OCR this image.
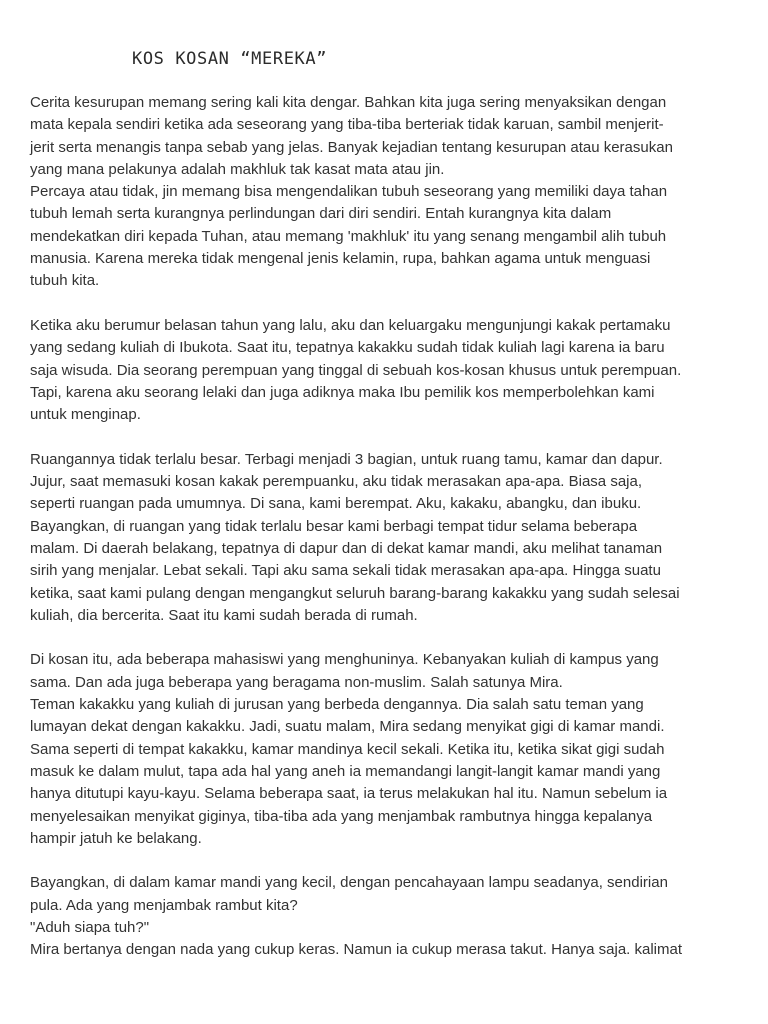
KOS KOSAN “MEREKA”
Cerita kesurupan memang sering kali kita dengar. Bahkan kita juga sering menyaksikan dengan
mata kepala sendiri ketika ada seseorang yang tiba-tiba berteriak tidak karuan, sambil menjerit-
jerit serta menangis tanpa sebab yang jelas. Banyak kejadian tentang kesurupan atau kerasukan
yang mana pelakunya adalah makhluk tak kasat mata atau jin.
Percaya atau tidak, jin memang bisa mengendalikan tubuh seseorang yang memiliki daya tahan
tubuh lemah serta kurangnya perlindungan dari diri sendiri. Entah kurangnya kita dalam
mendekatkan diri kepada Tuhan, atau memang 'makhluk' itu yang senang mengambil alih tubuh
manusia. Karena mereka tidak mengenal jenis kelamin, rupa, bahkan agama untuk menguasi
tubuh kita.
Ketika aku berumur belasan tahun yang lalu, aku dan keluargaku mengunjungi kakak pertamaku
yang sedang kuliah di Ibukota. Saat itu, tepatnya kakakku sudah tidak kuliah lagi karena ia baru
saja wisuda. Dia seorang perempuan yang tinggal di sebuah kos-kosan khusus untuk perempuan.
Tapi, karena aku seorang lelaki dan juga adiknya maka Ibu pemilik kos memperbolehkan kami
untuk menginap.
Ruangannya tidak terlalu besar. Terbagi menjadi 3 bagian, untuk ruang tamu, kamar dan dapur.
Jujur, saat memasuki kosan kakak perempuanku, aku tidak merasakan apa-apa. Biasa saja,
seperti ruangan pada umumnya. Di sana, kami berempat. Aku, kakaku, abangku, dan ibuku.
Bayangkan, di ruangan yang tidak terlalu besar kami berbagi tempat tidur selama beberapa
malam. Di daerah belakang, tepatnya di dapur dan di dekat kamar mandi, aku melihat tanaman
sirih yang menjalar. Lebat sekali. Tapi aku sama sekali tidak merasakan apa-apa. Hingga suatu
ketika, saat kami pulang dengan mengangkut seluruh barang-barang kakakku yang sudah selesai
kuliah, dia bercerita. Saat itu kami sudah berada di rumah.
Di kosan itu, ada beberapa mahasiswi yang menghuninya. Kebanyakan kuliah di kampus yang
sama. Dan ada juga beberapa yang beragama non-muslim. Salah satunya Mira.
Teman kakakku yang kuliah di jurusan yang berbeda dengannya. Dia salah satu teman yang
lumayan dekat dengan kakakku. Jadi, suatu malam, Mira sedang menyikat gigi di kamar mandi.
Sama seperti di tempat kakakku, kamar mandinya kecil sekali. Ketika itu, ketika sikat gigi sudah
masuk ke dalam mulut, tapa ada hal yang aneh ia memandangi langit-langit kamar mandi yang
hanya ditutupi kayu-kayu. Selama beberapa saat, ia terus melakukan hal itu. Namun sebelum ia
menyelesaikan menyikat giginya, tiba-tiba ada yang menjambak rambutnya hingga kepalanya
hampir jatuh ke belakang.
Bayangkan, di dalam kamar mandi yang kecil, dengan pencahayaan lampu seadanya, sendirian
pula. Ada yang menjambak rambut kita?
"Aduh siapa tuh?"
Mira bertanya dengan nada yang cukup keras. Namun ia cukup merasa takut. Hanya saja. kalimat
